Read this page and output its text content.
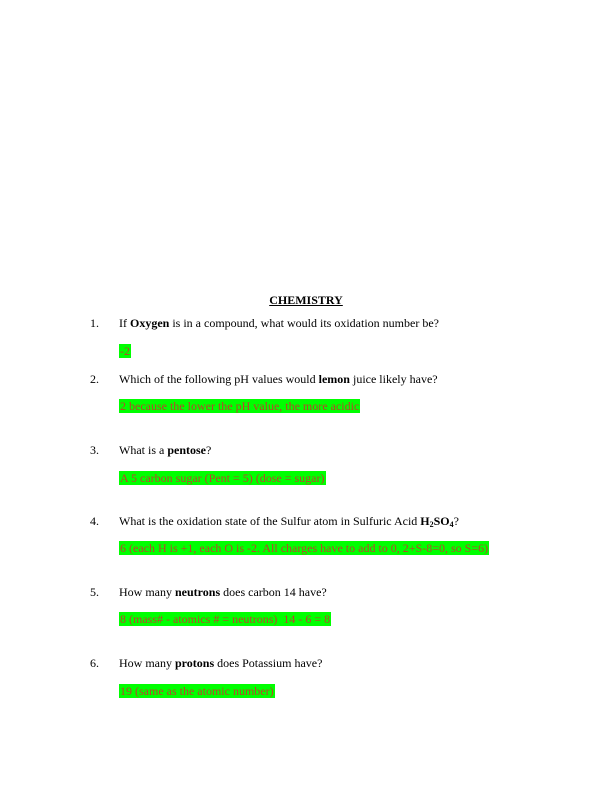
CHEMISTRY
1. If Oxygen is in a compound, what would its oxidation number be?
-2
2. Which of the following pH values would lemon juice likely have?
2 because the lower the pH value, the more acidic
3. What is a pentose?
A 5 carbon sugar (Pent = 5) (dose = sugar)
4. What is the oxidation state of the Sulfur atom in Sulfuric Acid H2SO4?
6 (each H is +1, each O is -2. All charges have to add to 0, 2+S-8=0, so S=6)
5. How many neutrons does carbon 14 have?
8 (mass# - atomics # = neutrons)  14 - 6 = 8
6. How many protons does Potassium have?
19 (same as the atomic number)
